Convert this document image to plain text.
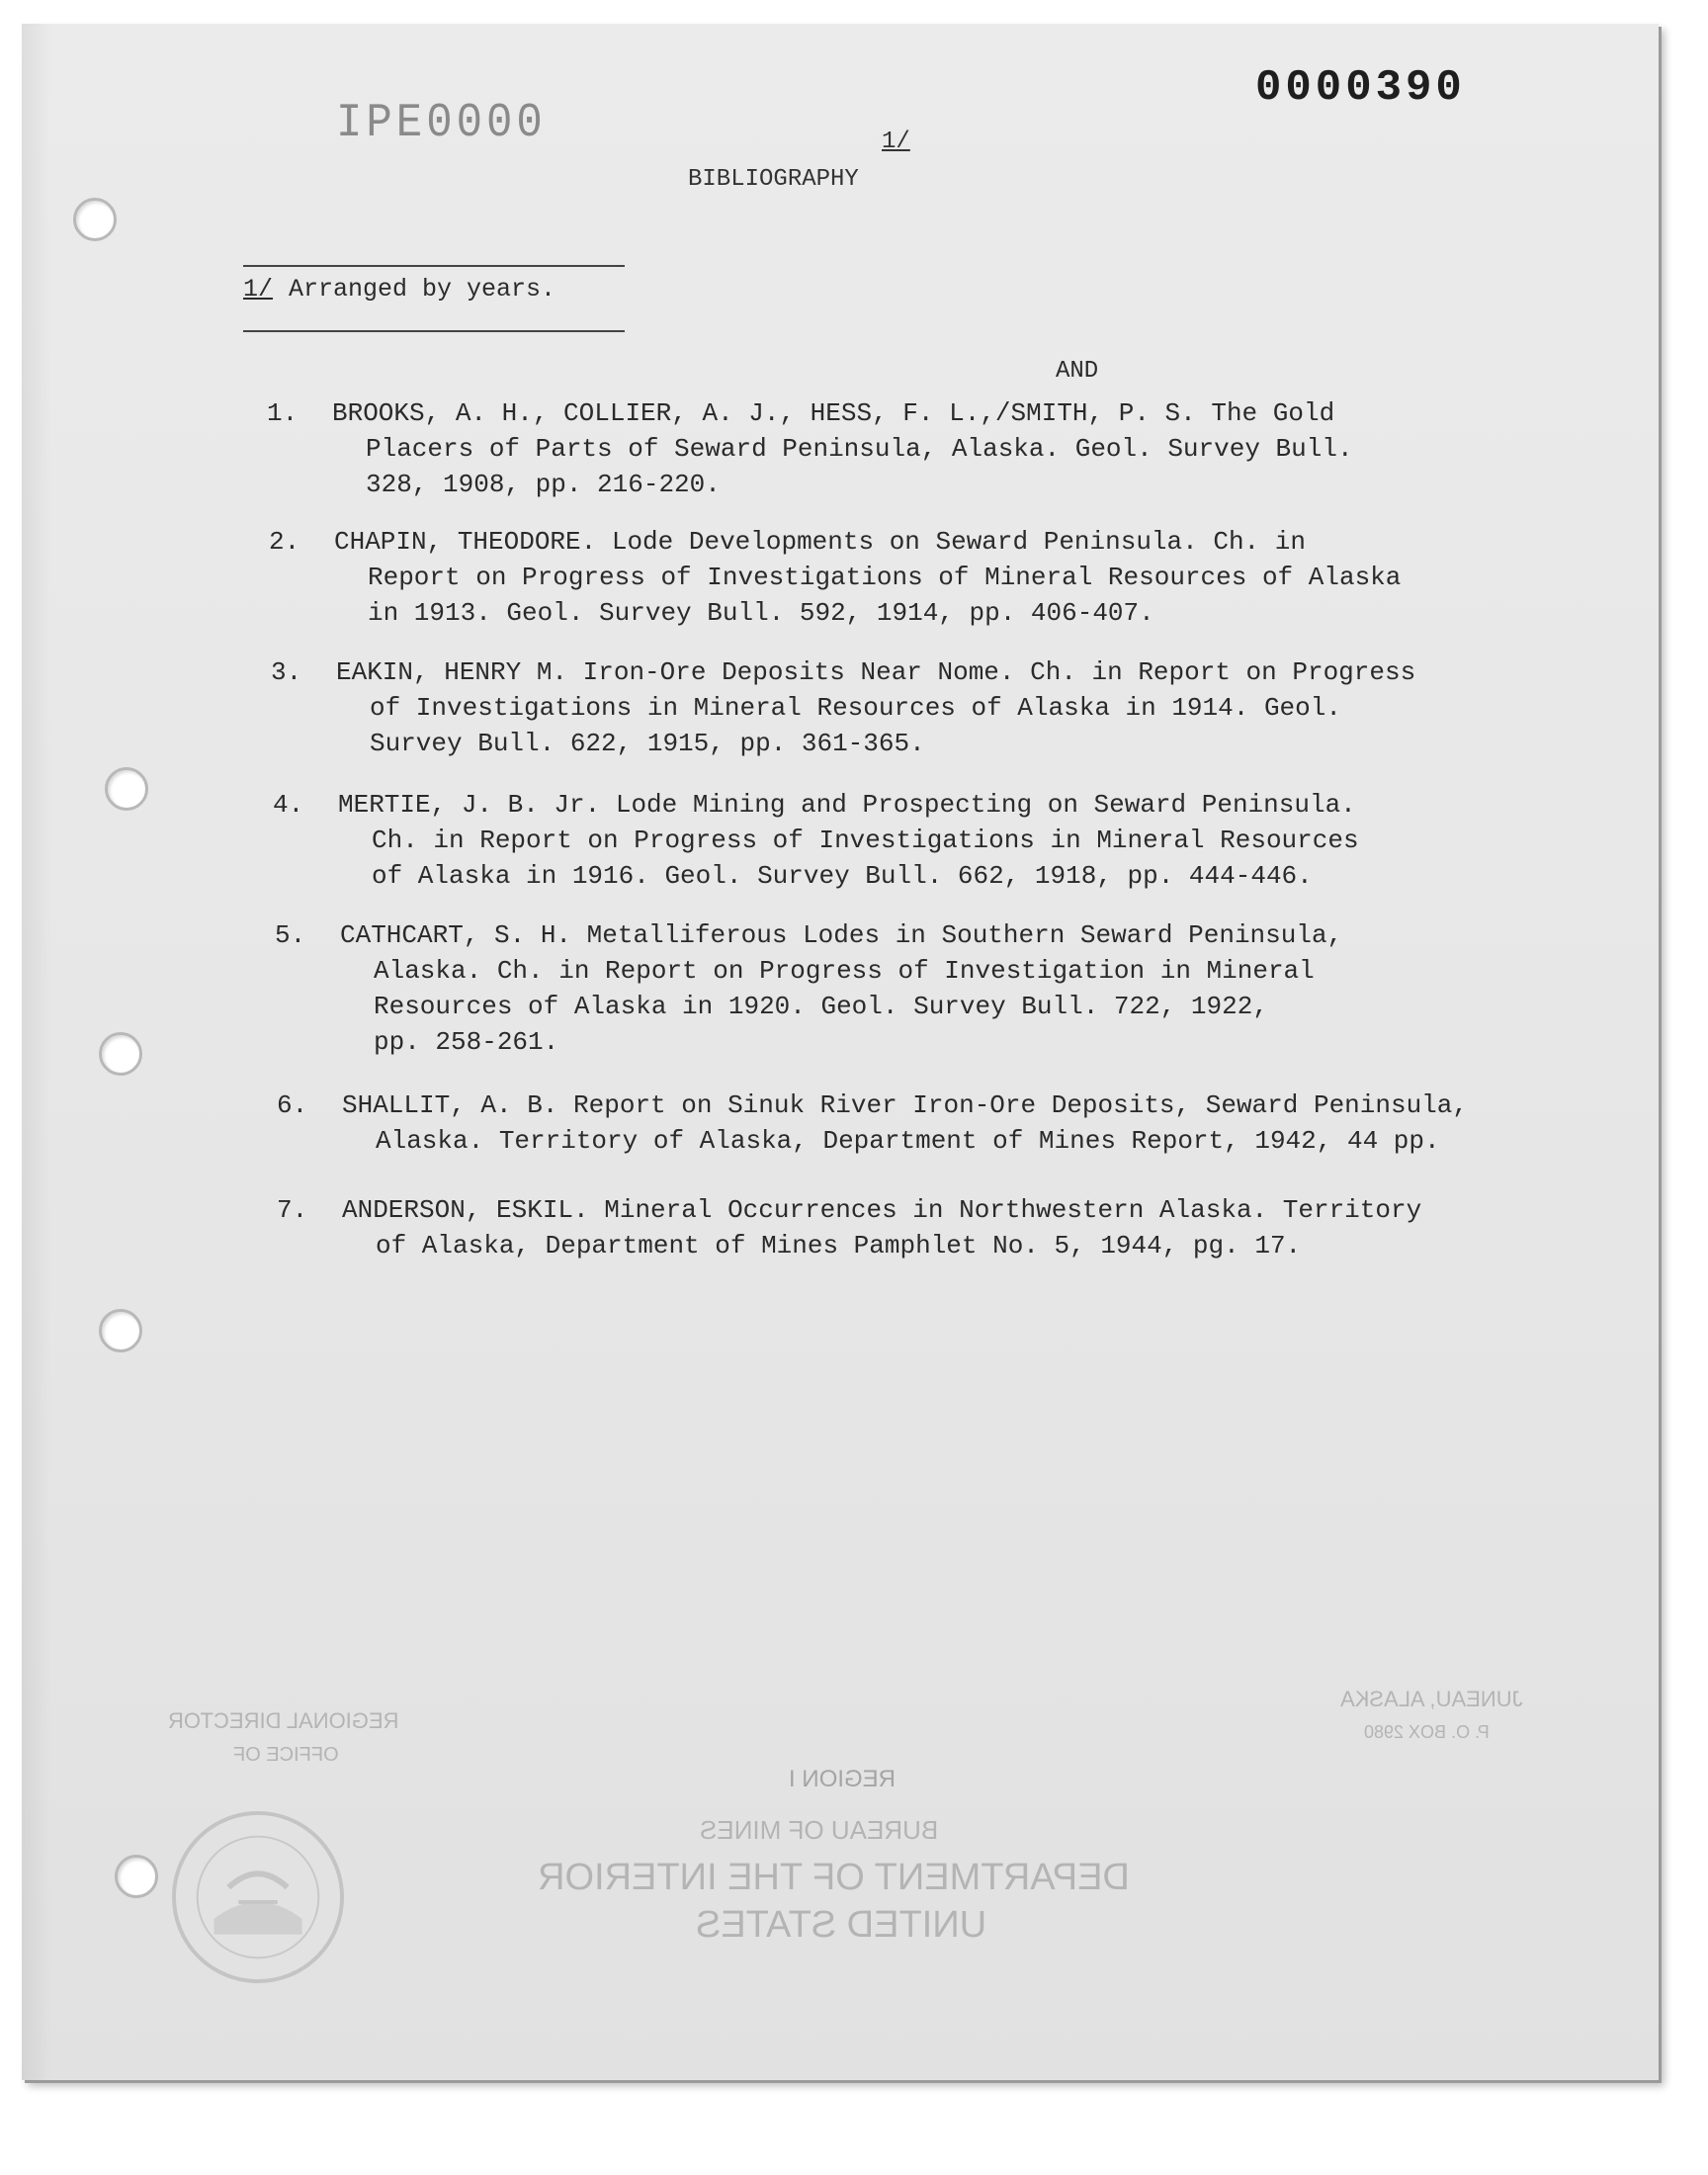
IPE0000
0000390
1/
BIBLIOGRAPHY
1/ Arranged by years.
AND
1.	BROOKS, A. H., COLLIER, A. J., HESS, F. L.,/SMITH, P. S. The Gold
Placers of Parts of Seward Peninsula, Alaska. Geol. Survey Bull.
328, 1908, pp. 216-220.
2.	CHAPIN, THEODORE. Lode Developments on Seward Peninsula. Ch. in
Report on Progress of Investigations of Mineral Resources of Alaska
in 1913. Geol. Survey Bull. 592, 1914, pp. 406-407.
3.	EAKIN, HENRY M. Iron-Ore Deposits Near Nome. Ch. in Report on Progress
of Investigations in Mineral Resources of Alaska in 1914. Geol.
Survey Bull. 622, 1915, pp. 361-365.
4.	MERTIE, J. B. Jr. Lode Mining and Prospecting on Seward Peninsula.
Ch. in Report on Progress of Investigations in Mineral Resources
of Alaska in 1916. Geol. Survey Bull. 662, 1918, pp. 444-446.
5.	CATHCART, S. H. Metalliferous Lodes in Southern Seward Peninsula,
Alaska. Ch. in Report on Progress of Investigation in Mineral
Resources of Alaska in 1920. Geol. Survey Bull. 722, 1922,
pp. 258-261.
6.	SHALLIT, A. B. Report on Sinuk River Iron-Ore Deposits, Seward Peninsula,
Alaska. Territory of Alaska, Department of Mines Report, 1942, 44 pp.
7.	ANDERSON, ESKIL. Mineral Occurrences in Northwestern Alaska. Territory
of Alaska, Department of Mines Pamphlet No. 5, 1944, pg. 17.
REGIONAL DIRECTOR
OFFICE OF
JUNEAU, ALASKA
P. O. BOX 2980
REGION I
BUREAU OF MINES
DEPARTMENT OF THE INTERIOR
UNITED STATES
